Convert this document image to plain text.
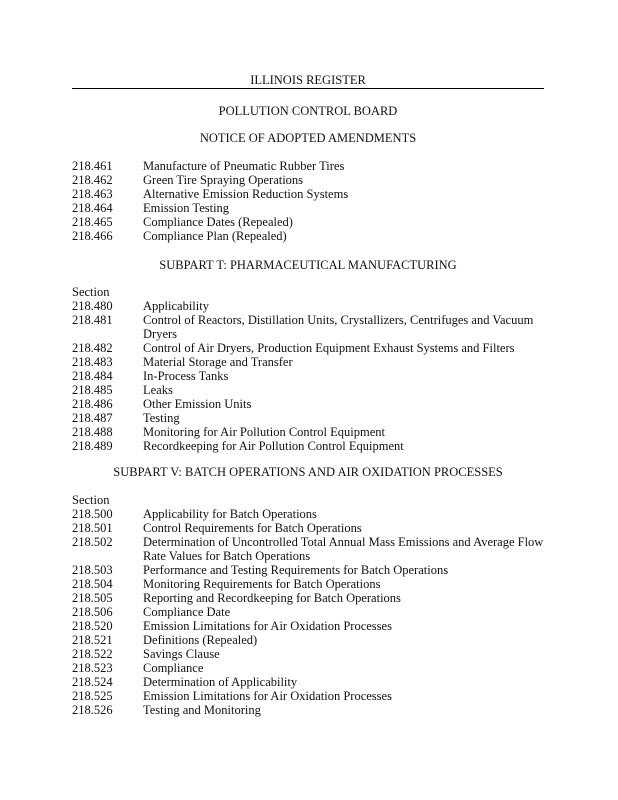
ILLINOIS REGISTER
POLLUTION CONTROL BOARD
NOTICE OF ADOPTED AMENDMENTS
218.461	Manufacture of Pneumatic Rubber Tires
218.462	Green Tire Spraying Operations
218.463	Alternative Emission Reduction Systems
218.464	Emission Testing
218.465	Compliance Dates (Repealed)
218.466	Compliance Plan (Repealed)
SUBPART T: PHARMACEUTICAL MANUFACTURING
Section
218.480	Applicability
218.481	Control of Reactors, Distillation Units, Crystallizers, Centrifuges and Vacuum Dryers
218.482	Control of Air Dryers, Production Equipment Exhaust Systems and Filters
218.483	Material Storage and Transfer
218.484	In-Process Tanks
218.485	Leaks
218.486	Other Emission Units
218.487	Testing
218.488	Monitoring for Air Pollution Control Equipment
218.489	Recordkeeping for Air Pollution Control Equipment
SUBPART V: BATCH OPERATIONS AND AIR OXIDATION PROCESSES
Section
218.500	Applicability for Batch Operations
218.501	Control Requirements for Batch Operations
218.502	Determination of Uncontrolled Total Annual Mass Emissions and Average Flow Rate Values for Batch Operations
218.503	Performance and Testing Requirements for Batch Operations
218.504	Monitoring Requirements for Batch Operations
218.505	Reporting and Recordkeeping for Batch Operations
218.506	Compliance Date
218.520	Emission Limitations for Air Oxidation Processes
218.521	Definitions (Repealed)
218.522	Savings Clause
218.523	Compliance
218.524	Determination of Applicability
218.525	Emission Limitations for Air Oxidation Processes
218.526	Testing and Monitoring
